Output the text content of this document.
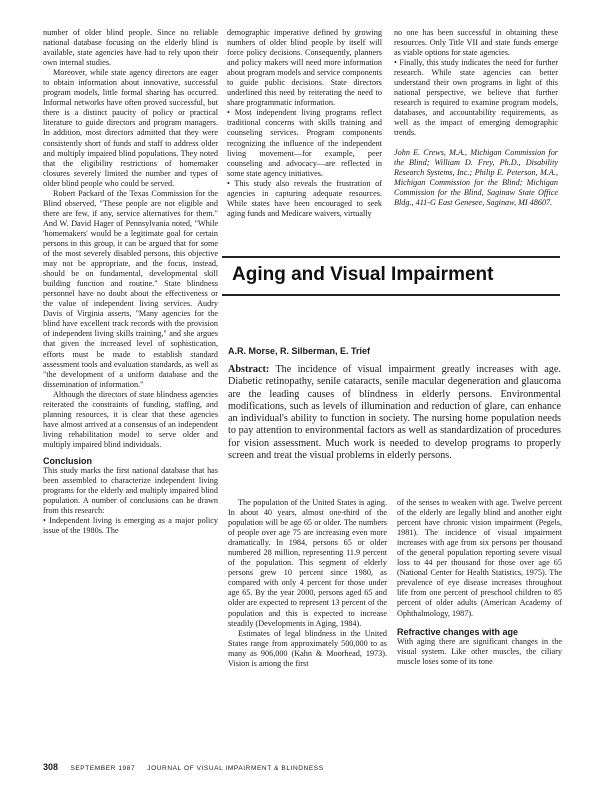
number of older blind people. Since no reliable national database focusing on the elderly blind is available, state agencies have had to rely upon their own internal studies.

Moreover, while state agency directors are eager to obtain information about innovative, successful program models, little formal sharing has occurred. Informal networks have often proved successful, but there is a distinct paucity of policy or practical literature to guide directors and program managers. In addition, most directors admitted that they were consistently short of funds and staff to address older and multiply impaired blind populations. They noted that the eligibility restrictions of homemaker closures severely limited the number and types of older blind people who could be served.

Robert Packard of the Texas Commission for the Blind observed, "These people are not eligible and there are few, if any, service alternatives for them." And W. David Hager of Pennsylvania noted, "While 'homemakers' would be a legitimate goal for certain persons in this group, it can be argued that for some of the most severely disabled persons, this objective may not be appropriate, and the focus, instead, should be on fundamental, developmental skill building function and routine." State blindness personnel have no doubt about the effectiveness or the value of independent living services. Audry Davis of Virginia asserts, "Many agencies for the blind have excellent track records with the provision of independent living skills training," and she argues that given the increased level of sophistication, efforts must be made to establish standard assessment tools and evaluation standards, as well as "the development of a uniform database and the dissemination of information."

Although the directors of state blindness agencies reiterated the constraints of funding, staffing, and planning resources, it is clear that these agencies have almost arrived at a consensus of an independent living rehabilitation model to serve older and multiply impaired blind individuals.

Conclusion

This study marks the first national database that has been assembled to characterize independent living programs for the elderly and multiply impaired blind population. A number of conclusions can be drawn from this research:

• Independent living is emerging as a major policy issue of the 1980s. The

demographic imperative defined by growing numbers of older blind people by itself will force policy decisions. Consequently, planners and policy makers will need more information about program models and service components to guide public decisions. State directors underlined this need by reiterating the need to share programmatic information.

• Most independent living programs reflect traditional concerns with skills training and counseling services. Program components recognizing the influence of the independent living movement—for example, peer counseling and advocacy—are reflected in some state agency initiatives.

• This study also reveals the frustration of agencies in capturing adequate resources. While states have been encouraged to seek aging funds and Medicare waivers, virtually

no one has been successful in obtaining these resources. Only Title VII and state funds emerge as viable options for state agencies.

• Finally, this study indicates the need for further research. While state agencies can better understand their own programs in light of this national perspective, we believe that further research is required to examine program models, databases, and accountability requirements, as well as the impact of emerging demographic trends.

John E. Crews, M.A., Michigan Commission for the Blind; William D. Frey, Ph.D., Disability Research Systems, Inc.; Philip E. Peterson, M.A., Michigan Commission for the Blind; Michigan Commission for the Blind, Saginaw State Office Bldg., 411-G East Genesee, Saginaw, MI 48607.

Aging and Visual Impairment
A.R. Morse, R. Silberman, E. Trief
Abstract: The incidence of visual impairment greatly increases with age. Diabetic retinopathy, senile cataracts, senile macular degeneration and glaucoma are the leading causes of blindness in elderly persons. Environmental modifications, such as levels of illumination and reduction of glare, can enhance an individual's ability to function in society. The nursing home population needs to pay attention to environmental factors as well as standardization of procedures for vision assessment. Much work is needed to develop programs to properly screen and treat the visual problems in elderly persons.

The population of the United States is aging. In about 40 years, almost one-third of the population will be age 65 or older. The numbers of people over age 75 are increasing even more dramatically. In 1984, persons 65 or older numbered 28 million, representing 11.9 percent of the population. This segment of elderly persons grew 10 percent since 1980, as compared with only 4 percent for those under age 65. By the year 2000, persons aged 65 and older are expected to represent 13 percent of the population and this is expected to increase steadily (Developments in Aging, 1984).

Estimates of legal blindness in the United States range from approximately 500,000 to as many as 906,000 (Kahn & Moorhead, 1973). Vision is among the first

of the senses to weaken with age. Twelve percent of the elderly are legally blind and another eight percent have chronic vision impairment (Pegels, 1981). The incidence of visual impairment increases with age from six persons per thousand of the general population reporting severe visual loss to 44 per thousand for those over age 65 (National Center for Health Statistics, 1975). The prevalence of eye disease increases throughout life from one percent of preschool children to 85 percent of older adults (American Academy of Ophthalmology, 1987).

Refractive changes with age

With aging there are significant changes in the visual system. Like other muscles, the ciliary muscle loses some of its tone

308 SEPTEMBER 1987 JOURNAL OF VISUAL IMPAIRMENT & BLINDNESS
